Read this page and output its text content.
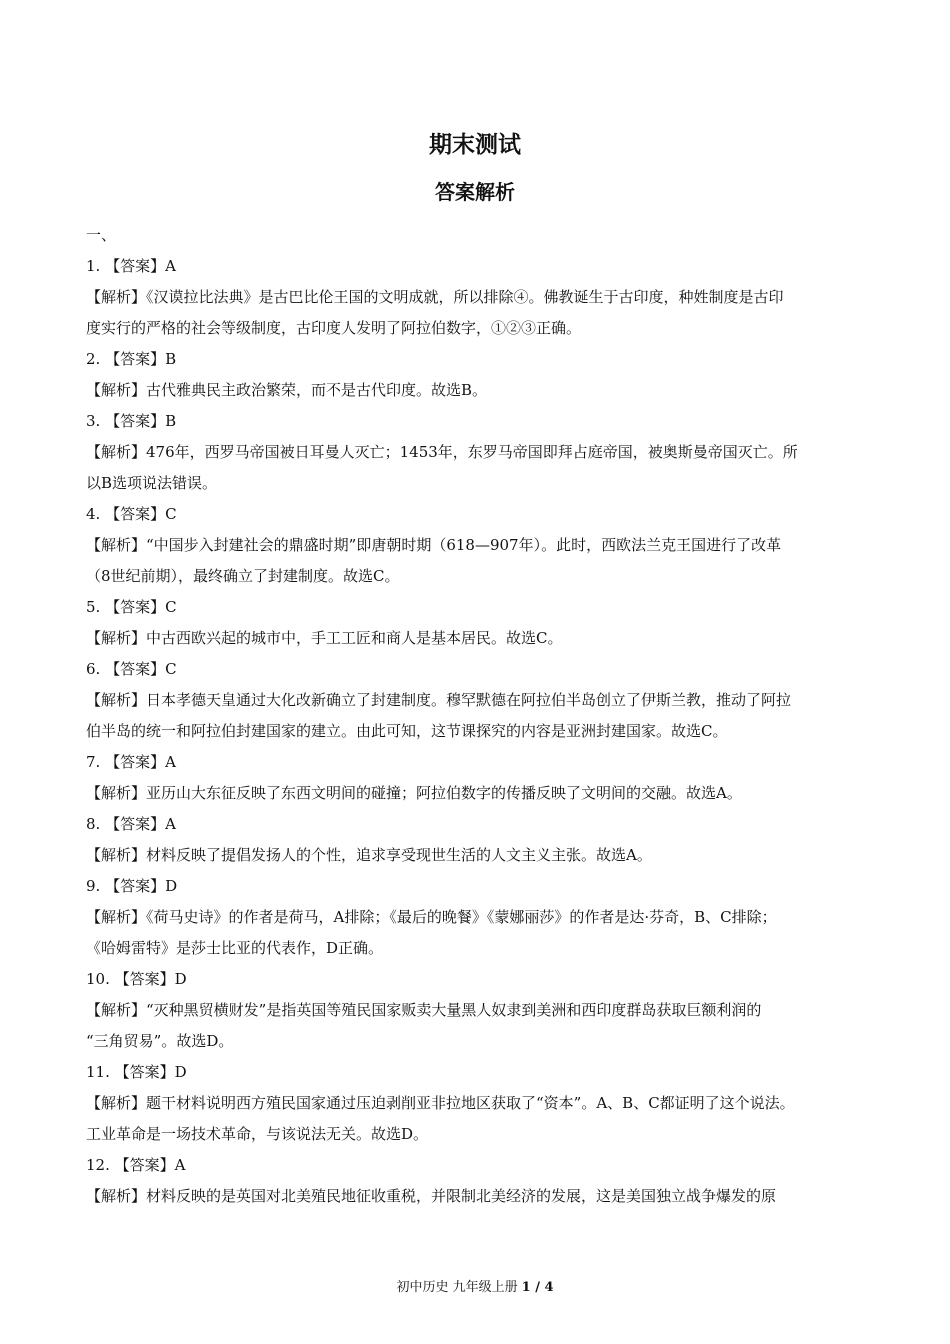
期末测试
答案解析
一、
1. 【答案】A
【解析】《汉谟拉比法典》是古巴比伦王国的文明成就，所以排除④。佛教诞生于古印度，种姓制度是古印
度实行的严格的社会等级制度，古印度人发明了阿拉伯数字，①②③正确。
2. 【答案】B
【解析】古代雅典民主政治繁荣，而不是古代印度。故选B。
3. 【答案】B
【解析】476年，西罗马帝国被日耳曼人灭亡；1453年，东罗马帝国即拜占庭帝国，被奥斯曼帝国灭亡。所
以B选项说法错误。
4. 【答案】C
【解析】“中国步入封建社会的鼎盛时期”即唐朝时期（618—907年）。此时，西欧法兰克王国进行了改革
（8世纪前期），最终确立了封建制度。故选C。
5. 【答案】C
【解析】中古西欧兴起的城市中，手工工匠和商人是基本居民。故选C。
6. 【答案】C
【解析】日本孝德天皇通过大化改新确立了封建制度。穆罕默德在阿拉伯半岛创立了伊斯兰教，推动了阿拉
伯半岛的统一和阿拉伯封建国家的建立。由此可知，这节课探究的内容是亚洲封建国家。故选C。
7. 【答案】A
【解析】亚历山大东征反映了东西文明间的碰撞；阿拉伯数字的传播反映了文明间的交融。故选A。
8. 【答案】A
【解析】材料反映了提倡发扬人的个性，追求享受现世生活的人文主义主张。故选A。
9. 【答案】D
【解析】《荷马史诗》的作者是荷马，A排除；《最后的晚餐》《蒙娜丽莎》的作者是达·芬奇，B、C排除；
《哈姆雷特》是莎士比亚的代表作，D正确。
10. 【答案】D
【解析】“灭种黑贸横财发”是指英国等殖民国家贩卖大量黑人奴隶到美洲和西印度群岛获取巨额利润的
“三角贸易”。故选D。
11. 【答案】D
【解析】题干材料说明西方殖民国家通过压迫剥削亚非拉地区获取了“资本”。A、B、C都证明了这个说法。
工业革命是一场技术革命，与该说法无关。故选D。
12. 【答案】A
【解析】材料反映的是英国对北美殖民地征收重税，并限制北美经济的发展，这是美国独立战争爆发的原
初中历史 九年级上册 1 / 4
